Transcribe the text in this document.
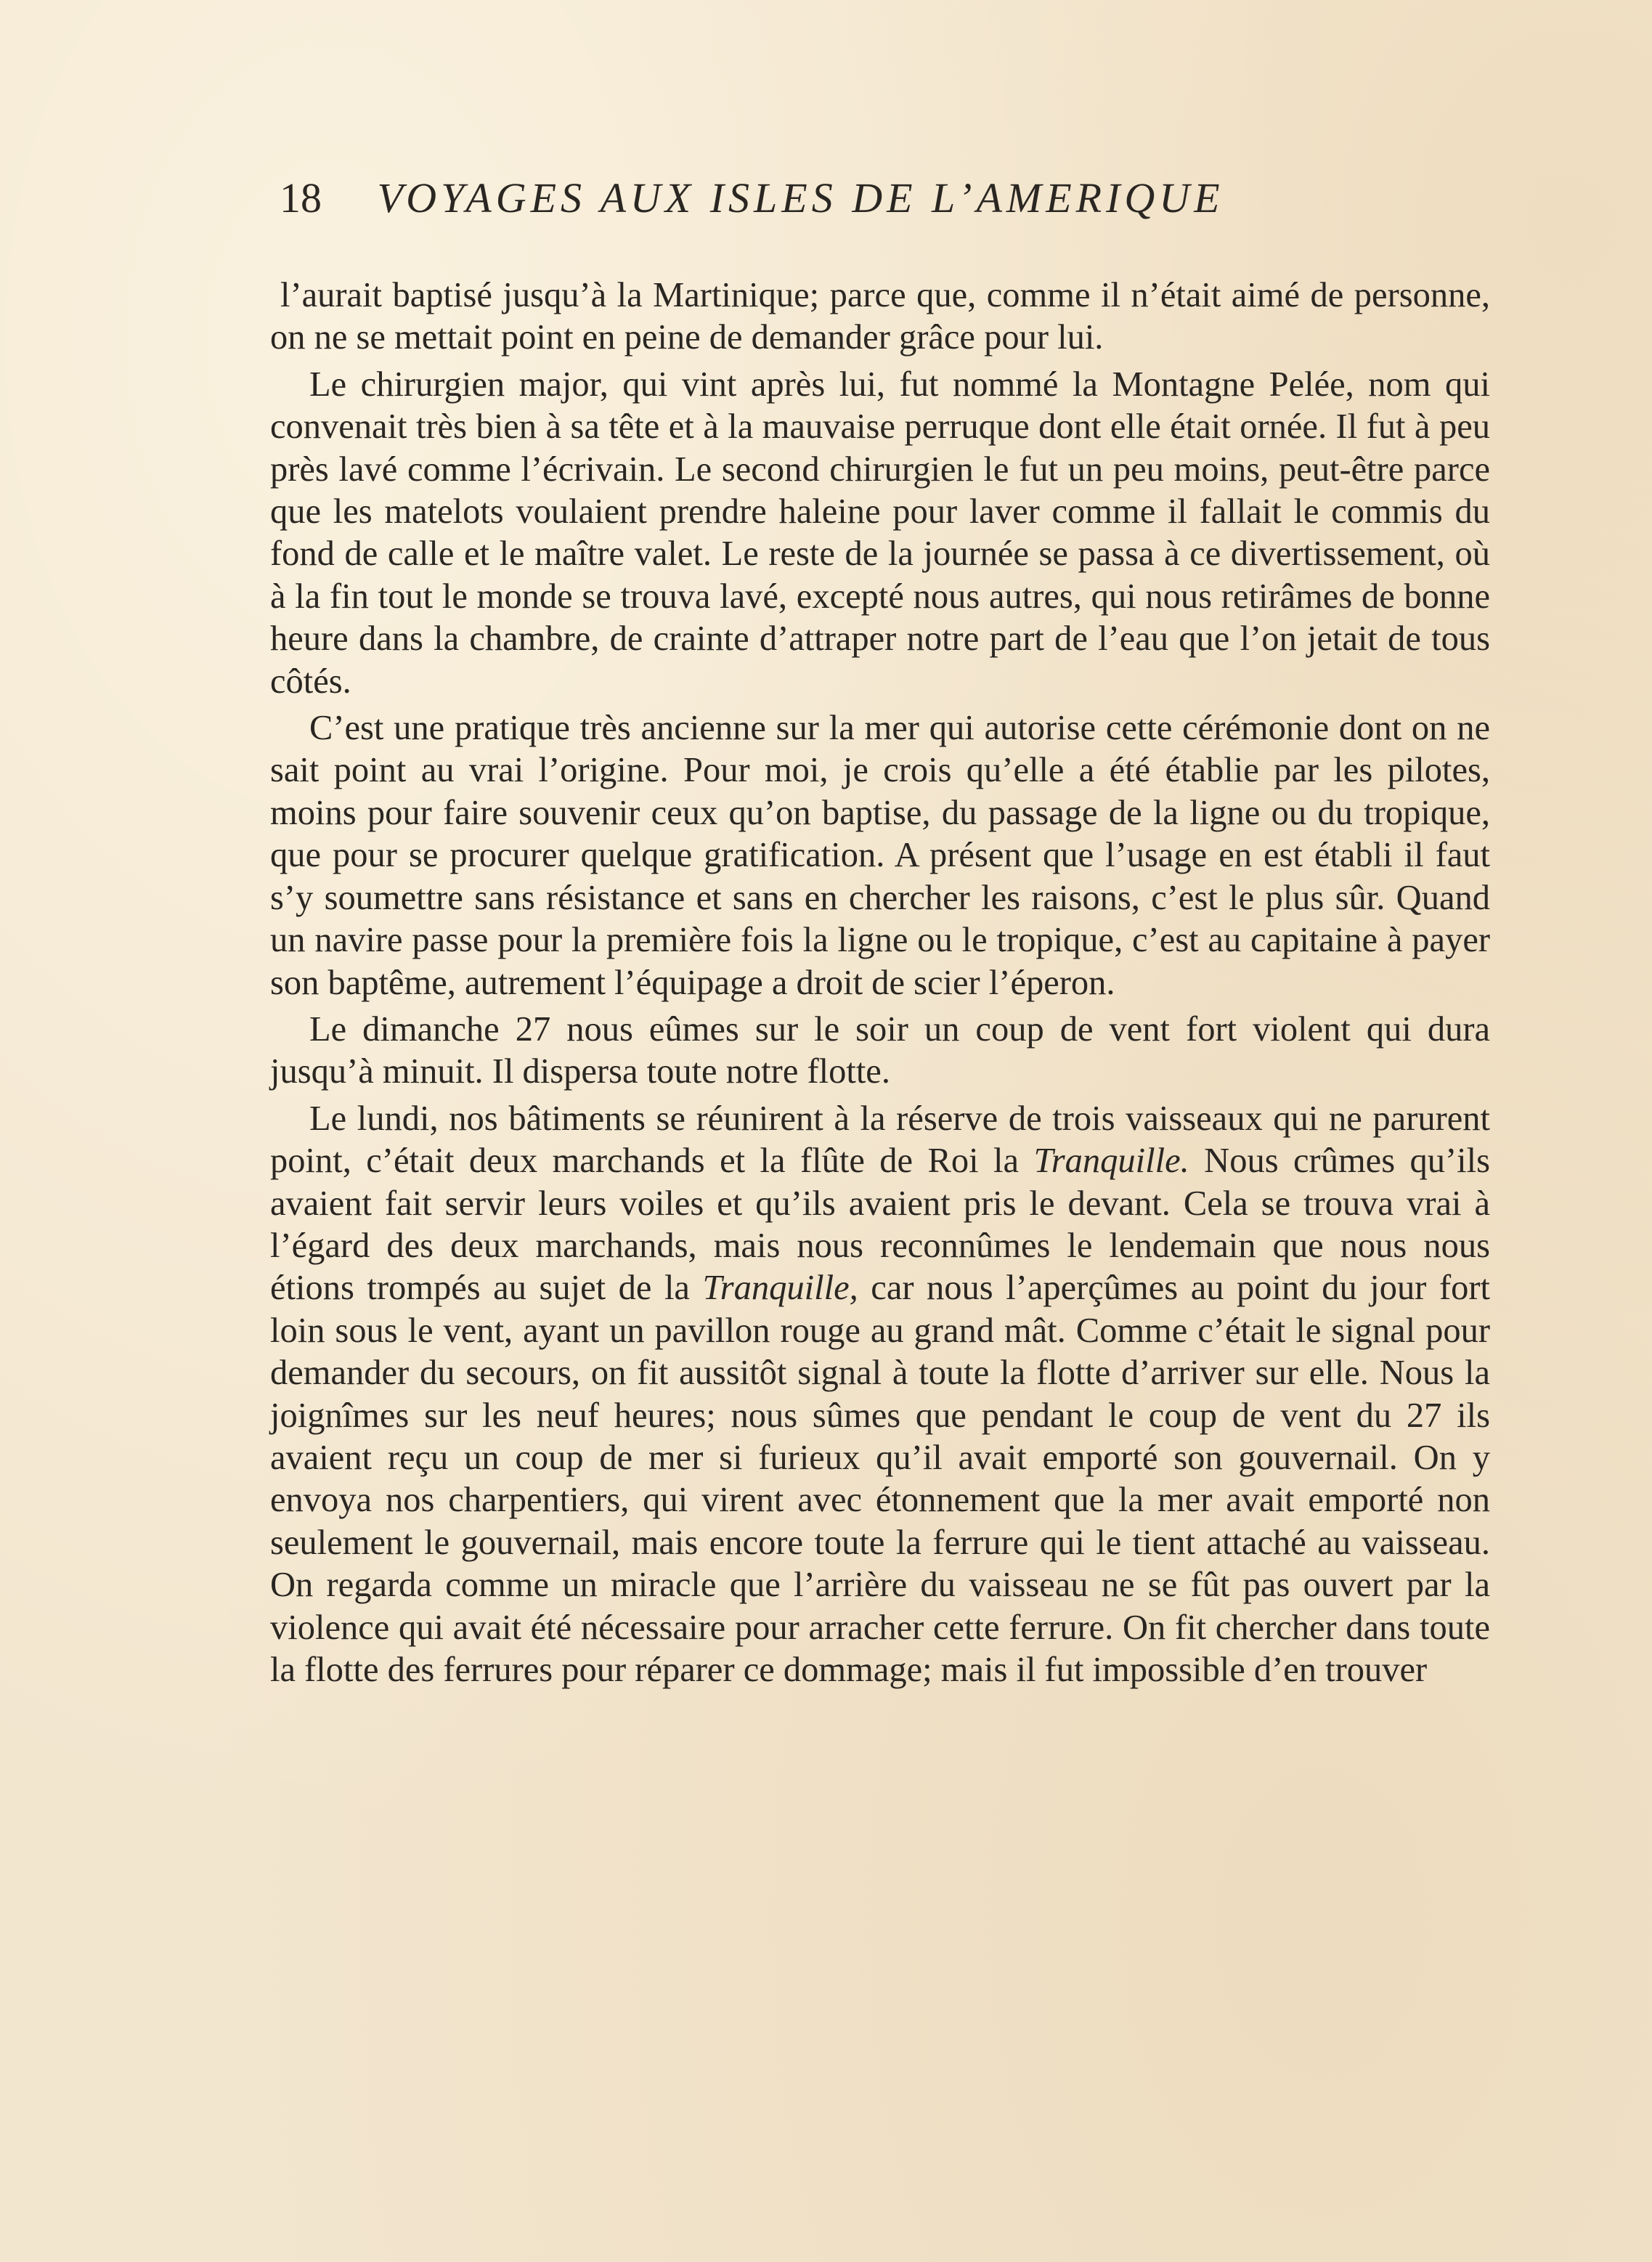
18 VOYAGES AUX ISLES DE L’AMERIQUE

l’aurait baptisé jusqu’à la Martinique; parce que, comme il n’était aimé de personne, on ne se mettait point en peine de demander grâce pour lui.

Le chirurgien major, qui vint après lui, fut nommé la Montagne Pelée, nom qui convenait très bien à sa tête et à la mauvaise perruque dont elle était ornée. Il fut à peu près lavé comme l’écrivain. Le second chirurgien le fut un peu moins, peut-être parce que les matelots voulaient prendre haleine pour laver comme il fallait le commis du fond de calle et le maître valet. Le reste de la journée se passa à ce divertissement, où à la fin tout le monde se trouva lavé, excepté nous autres, qui nous retirâmes de bonne heure dans la chambre, de crainte d’attraper notre part de l’eau que l’on jetait de tous côtés.

C’est une pratique très ancienne sur la mer qui autorise cette cérémonie dont on ne sait point au vrai l’origine. Pour moi, je crois qu’elle a été établie par les pilotes, moins pour faire souvenir ceux qu’on baptise, du passage de la ligne ou du tropique, que pour se procurer quelque gratification. A présent que l’usage en est établi il faut s’y soumettre sans résistance et sans en chercher les raisons, c’est le plus sûr. Quand un navire passe pour la première fois la ligne ou le tropique, c’est au capitaine à payer son baptême, autrement l’équipage a droit de scier l’éperon.

Le dimanche 27 nous eûmes sur le soir un coup de vent fort violent qui dura jusqu’à minuit. Il dispersa toute notre flotte.

Le lundi, nos bâtiments se réunirent à la réserve de trois vaisseaux qui ne parurent point, c’était deux marchands et la flûte de Roi la Tranquille. Nous crûmes qu’ils avaient fait servir leurs voiles et qu’ils avaient pris le devant. Cela se trouva vrai à l’égard des deux marchands, mais nous reconnûmes le lendemain que nous nous étions trompés au sujet de la Tranquille, car nous l’aperçûmes au point du jour fort loin sous le vent, ayant un pavillon rouge au grand mât. Comme c’était le signal pour demander du secours, on fit aussitôt signal à toute la flotte d’arriver sur elle. Nous la joignîmes sur les neuf heures; nous sûmes que pendant le coup de vent du 27 ils avaient reçu un coup de mer si furieux qu’il avait emporté son gouvernail. On y envoya nos charpentiers, qui virent avec étonnement que la mer avait emporté non seulement le gouvernail, mais encore toute la ferrure qui le tient attaché au vaisseau. On regarda comme un miracle que l’arrière du vaisseau ne se fût pas ouvert par la violence qui avait été nécessaire pour arracher cette ferrure. On fit chercher dans toute la flotte des ferrures pour réparer ce dommage; mais il fut impossible d’en trouver
